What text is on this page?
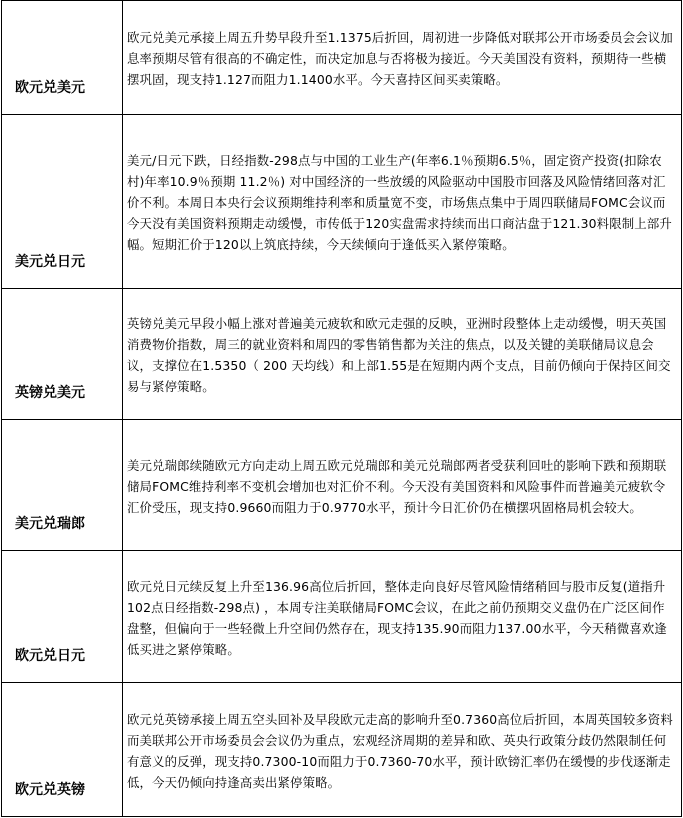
欧元兑美元	欧元兑美元承接上周五升势早段升至1.1375后折回，周初进一步降低对联邦公开市场委员会会议加息率预期尽管有很高的不确定性，而决定加息与否将极为接近。今天美国没有资料，预期待一些横摆巩固，现支持1.127而阻力1.1400水平。今天喜持区间买卖策略。
美元兑日元	美元/日元下跌，日经指数-298点与中国的工业生产(年率6.1％预期6.5％，固定资产投资(扣除农村)年率10.9％预期 11.2％) 对中国经济的一些放缓的风险驱动中国股市回落及风险情绪回落对汇价不利。本周日本央行会议预期维持利率和质量宽不变，市场焦点集中于周四联储局FOMC会议而今天没有美国资料预期走动缓慢，市传低于120实盘需求持续而出口商沽盘于121.30料限制上部升幅。短期汇价于120以上筑底持续，今天续倾向于逢低买入紧停策略。
英镑兑美元	英镑兑美元早段小幅上涨对普遍美元疲软和欧元走强的反映，亚洲时段整体上走动缓慢，明天英国消费物价指数，周三的就业资料和周四的零售销售都为关注的焦点，以及关键的美联储局议息会议，支撑位在1.5350（ 200 天均线）和上部1.55是在短期内两个支点，目前仍倾向于保持区间交易与紧停策略。
美元兑瑞郎	美元兑瑞郎续随欧元方向走动上周五欧元兑瑞郎和美元兑瑞郎两者受获利回吐的影响下跌和预期联储局FOMC维持利率不变机会增加也对汇价不利。今天没有美国资料和风险事件而普遍美元疲软令汇价受压，现支持0.9660而阻力于0.9770水平，预计今日汇价仍在横摆巩固格局机会较大。
欧元兑日元	欧元兑日元续反复上升至136.96高位后折回，整体走向良好尽管风险情绪稍回与股市反复(道指升102点日经指数-298点) ，本周专注美联储局FOMC会议，在此之前仍预期交义盘仍在广泛区间作盘整，但偏向于一些轻微上升空间仍然存在，现支持135.90而阻力137.00水平，今天稍微喜欢逢低买进之紧停策略。
欧元兑英镑	欧元兑英镑承接上周五空头回补及早段欧元走高的影响升至0.7360高位后折回，本周英国较多资料而美联邦公开市场委员会会议仍为重点，宏观经济周期的差异和欧、英央行政策分歧仍然限制任何有意义的反弹，现支持0.7300-10而阻力于0.7360-70水平，预计欧镑汇率仍在缓慢的步伐逐渐走低，今天仍倾向持逢高卖出紧停策略。
